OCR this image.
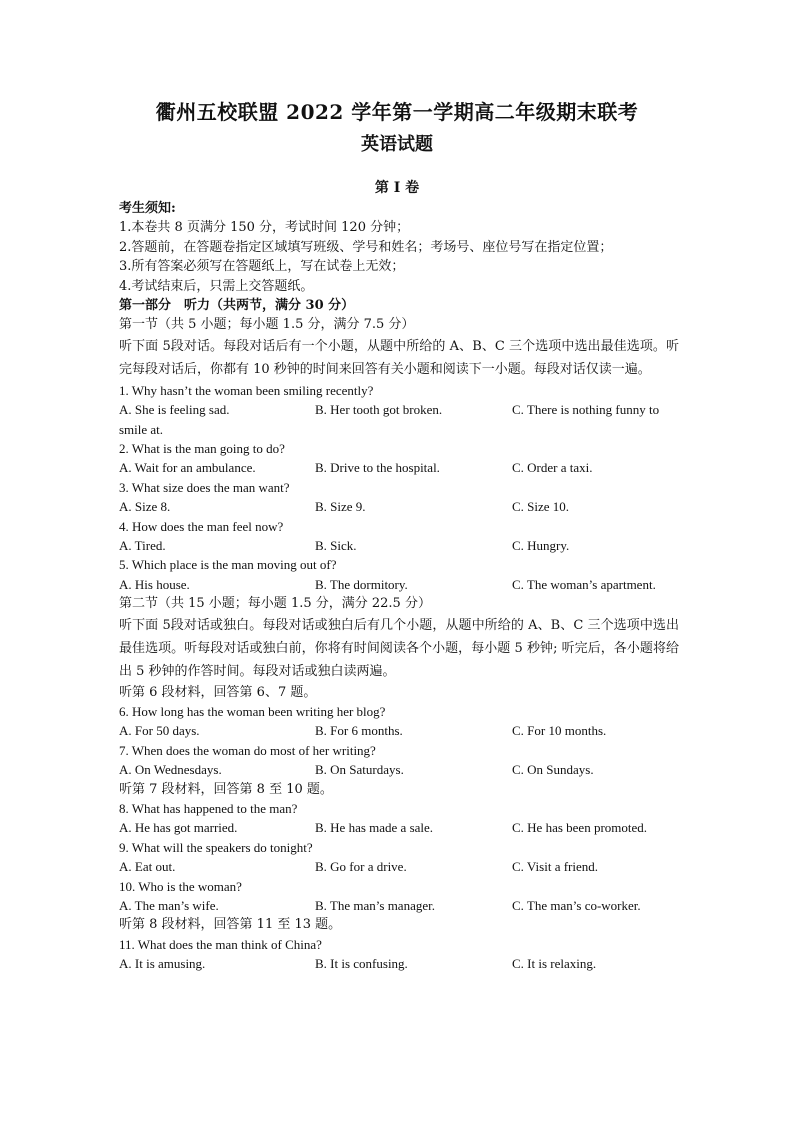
衢州五校联盟 2022 学年第一学期高二年级期末联考
英语试题
第 I 卷
考生须知:
1.本卷共 8 页满分 150 分，考试时间 120 分钟；
2.答题前，在答题卷指定区域填写班级、学号和姓名；考场号、座位号写在指定位置；
3.所有答案必须写在答题纸上，写在试卷上无效；
4.考试结束后，只需上交答题纸。
第一部分　听力（共两节，满分 30 分）
第一节（共 5 小题；每小题 1.5 分，满分 7.5 分）
听下面 5段对话。每段对话后有一个小题，从题中所给的 A、B、C 三个选项中选出最佳选项。听完每段对话后，你都有 10 秒钟的时间来回答有关小题和阅读下一小题。每段对话仅读一遍。
1. Why hasn’t the woman been smiling recently?
A. She is feeling sad.	B. Her tooth got broken.	C. There is nothing funny to
smile at.
2. What is the man going to do?
A. Wait for an ambulance.	B. Drive to the hospital.	C. Order a taxi.
3. What size does the man want?
A. Size 8.	B. Size 9.	C. Size 10.
4. How does the man feel now?
A. Tired.	B. Sick.	C. Hungry.
5. Which place is the man moving out of?
A. His house.	B. The dormitory.	C. The woman’s apartment.
第二节（共 15 小题；每小题 1.5 分，满分 22.5 分）
听下面 5段对话或独白。每段对话或独白后有几个小题，从题中所给的 A、B、C 三个选项中选出最佳选项。听每段对话或独白前，你将有时间阅读各个小题，每小题 5 秒钟; 听完后，各小题将给出 5 秒钟的作答时间。每段对话或独白读两遍。
听第 6 段材料，回答第 6、7 题。
6. How long has the woman been writing her blog?
A. For 50 days.	B. For 6 months.	C. For 10 months.
7. When does the woman do most of her writing?
A. On Wednesdays.	B. On Saturdays.	C. On Sundays.
听第 7 段材料，回答第 8 至 10 题。
8. What has happened to the man?
A. He has got married.	B. He has made a sale.	C. He has been promoted.
9. What will the speakers do tonight?
A. Eat out.	B. Go for a drive.	C. Visit a friend.
10. Who is the woman?
A. The man’s wife.	B. The man’s manager.	C. The man’s co-worker.
听第 8 段材料，回答第 11 至 13 题。
11. What does the man think of China?
A. It is amusing.	B. It is confusing.	C. It is relaxing.
